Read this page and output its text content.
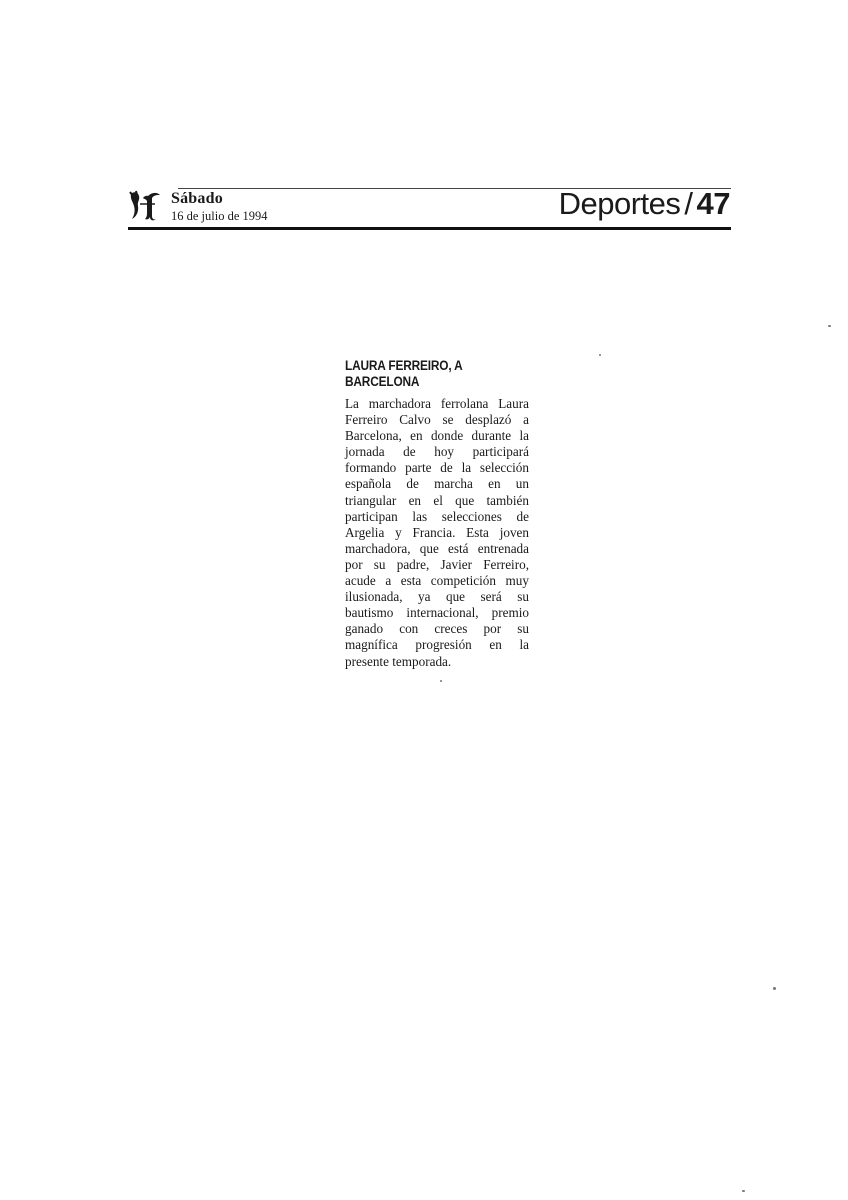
Sábado
16 de julio de 1994	Deportes / 47
LAURA FERREIRO, A BARCELONA

La marchadora ferrolana Laura Ferreiro Calvo se desplazó a Barcelona, en donde durante la jornada de hoy participará formando parte de la selección española de marcha en un triangular en el que también participan las selecciones de Argelia y Francia. Esta joven marchadora, que está entrenada por su padre, Javier Ferreiro, acude a esta competición muy ilusionada, ya que será su bautismo internacional, premio ganado con creces por su magnífica progresión en la presente temporada.
